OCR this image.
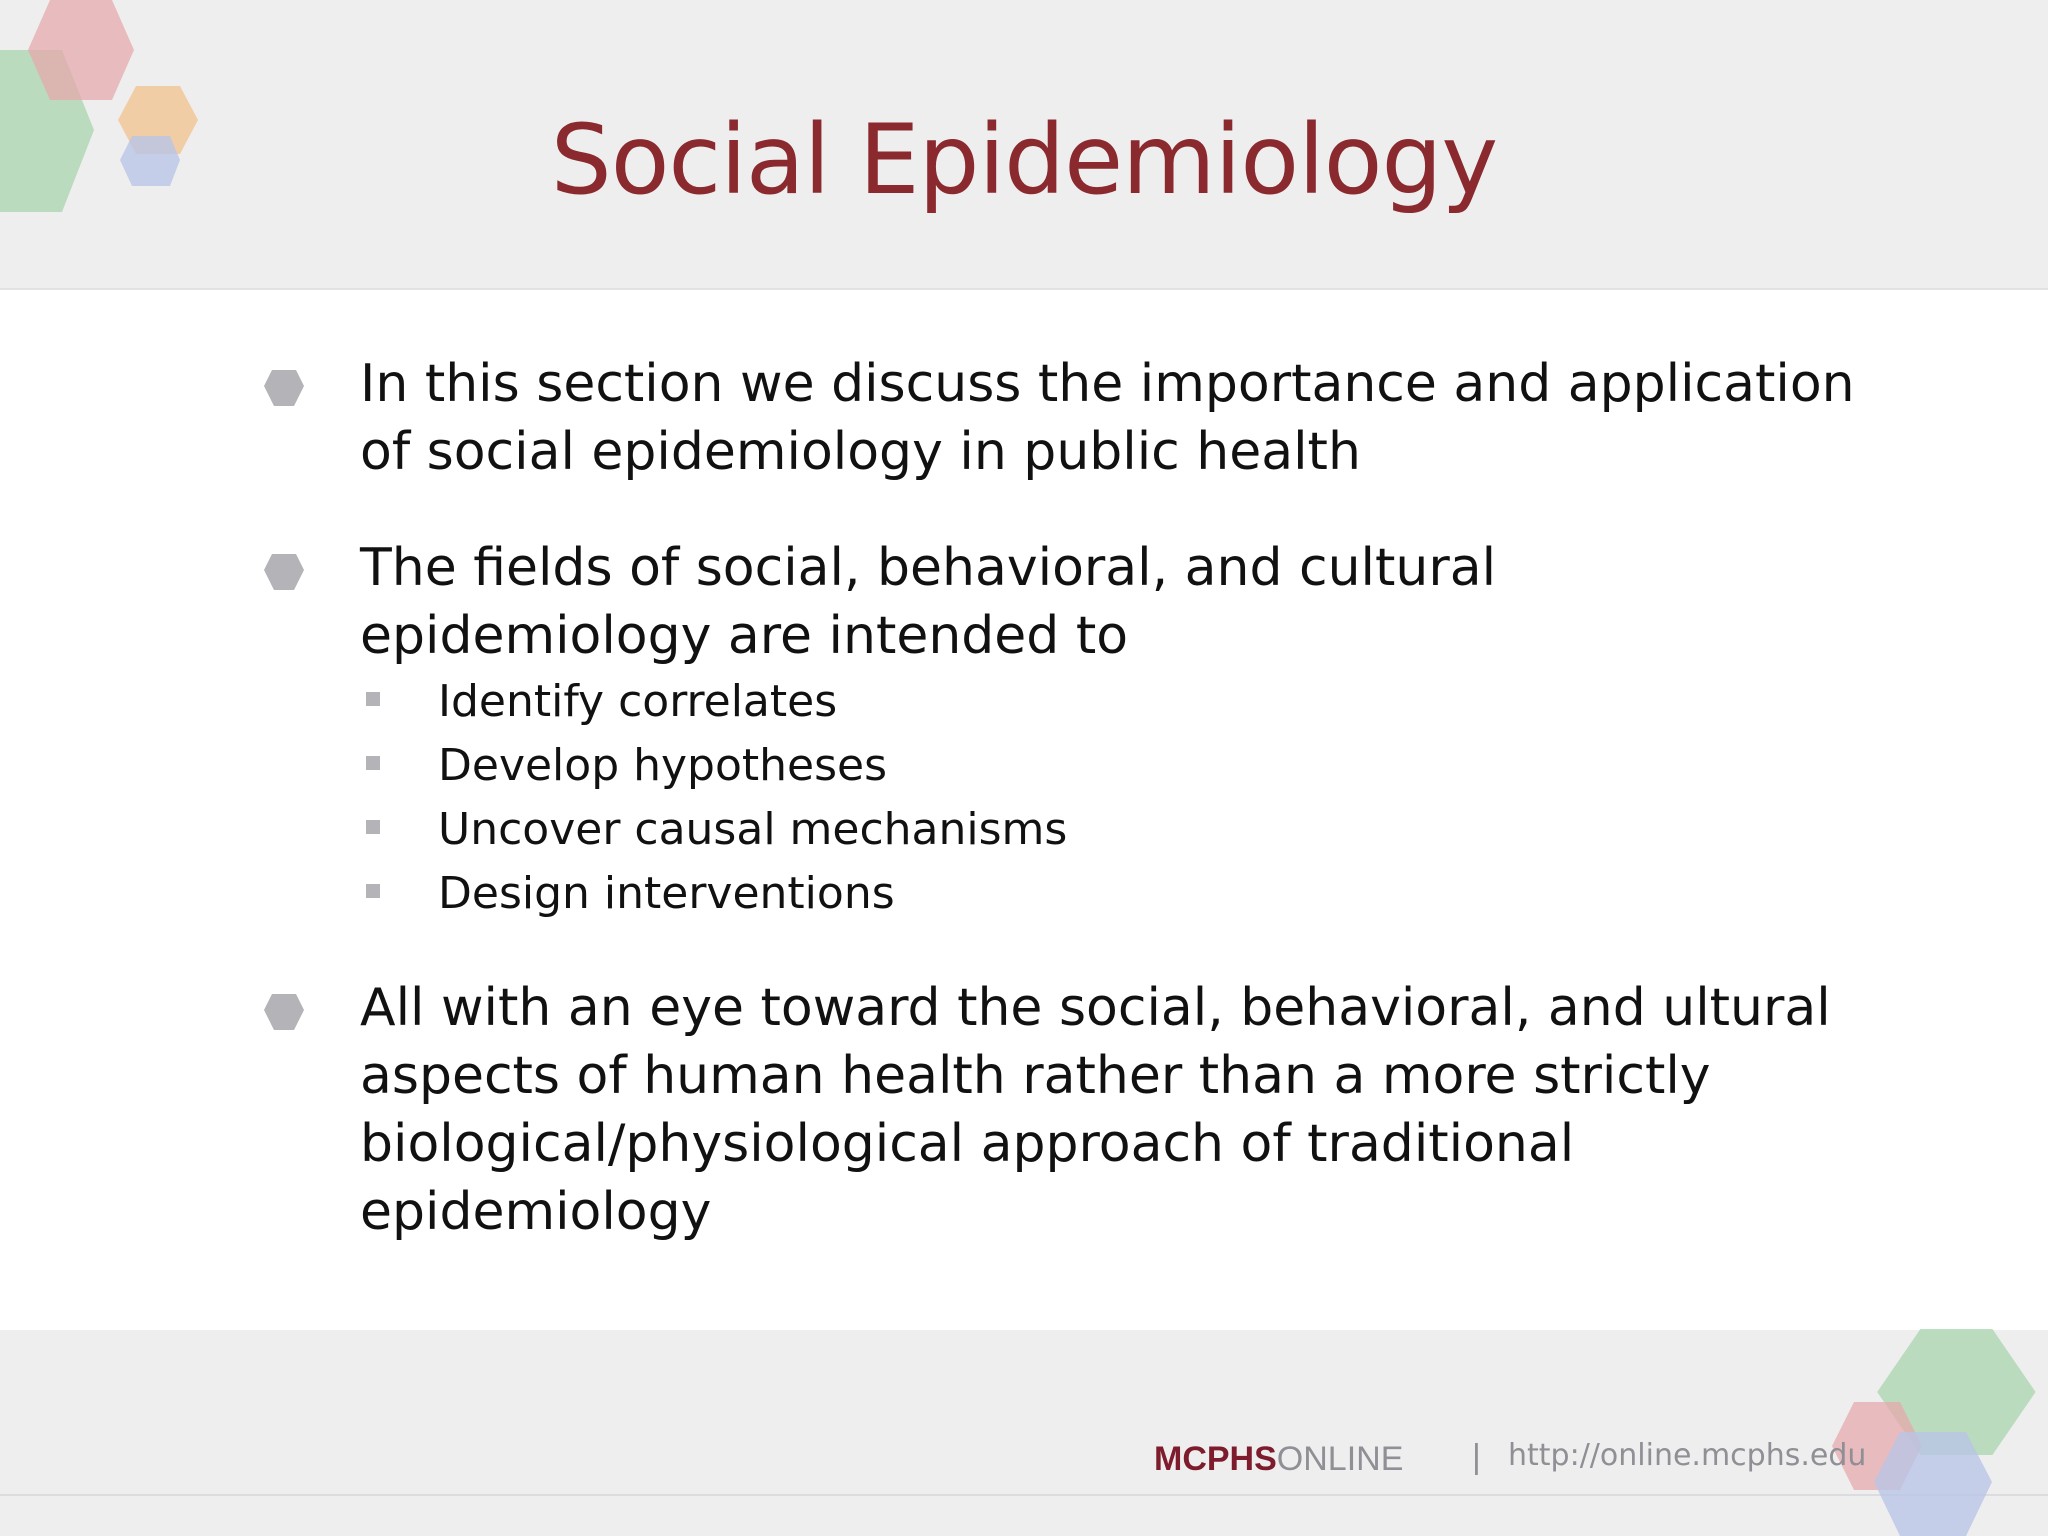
Social Epidemiology
In this section we discuss the importance and application of social epidemiology in public health
The fields of social, behavioral, and cultural epidemiology are intended to
Identify correlates
Develop hypotheses
Uncover causal mechanisms
Design interventions
All with an eye toward the social, behavioral, and ultural aspects of human health rather than a more strictly biological/physiological approach of traditional epidemiology
MCPHSONLINE | http://online.mcphs.edu
